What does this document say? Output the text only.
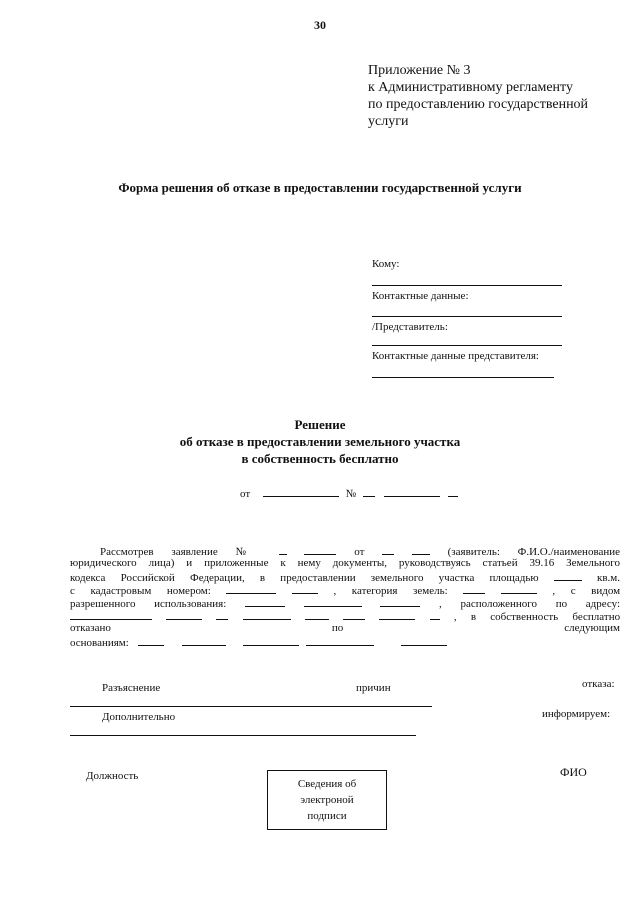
30
Приложение № 3
к Административному регламенту
по предоставлению государственной
услуги
Форма решения об отказе в предоставлении государственной услуги
Кому:
Контактные данные:
/Представитель:
Контактные данные представителя:
Решение
об отказе в предоставлении земельного участка
в собственность бесплатно
от	№
Рассмотрев заявление №	от	(заявитель: Ф.И.О./наименование
юридического лица) и приложенные к нему документы, руководствуясь статьей 39.16 Земельного
кодекса Российской Федерации, в предоставлении земельного участка площадью	кв.м.
с кадастровым номером:	, категория земель:	, с видом
разрешенного использования:	, расположенного по адресу:
, в собственность бесплатно
отказано	по	следующим
основаниям:
Разъяснение	причин	отказа:
Дополнительно	информируем:
Должность	ФИО
Сведения об
электроной
подписи
